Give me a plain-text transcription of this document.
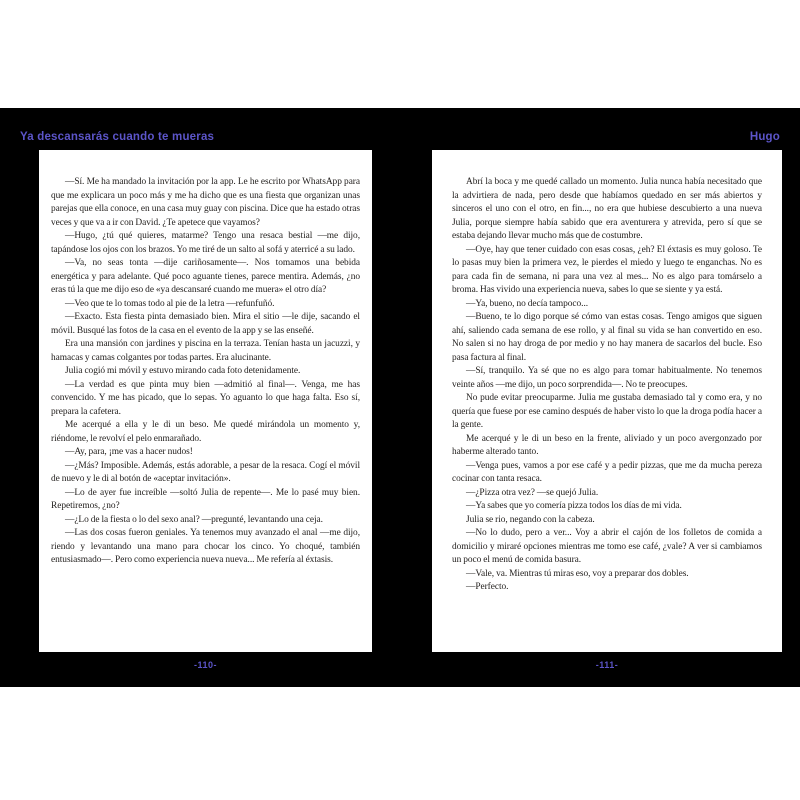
Ya descansarás cuando te mueras	Hugo

—Sí. Me ha mandado la invitación por la app. Le he escrito por WhatsApp para que me explicara un poco más y me ha dicho que es una fiesta que organizan unas parejas que ella conoce, en una casa muy guay con piscina. Dice que ha estado otras veces y que va a ir con David. ¿Te apetece que vayamos?

—Hugo, ¿tú qué quieres, matarme? Tengo una resaca bestial —me dijo, tapándose los ojos con los brazos. Yo me tiré de un salto al sofá y aterricé a su lado.

—Va, no seas tonta —dije cariñosamente—. Nos tomamos una bebida energética y para adelante. Qué poco aguante tienes, parece mentira. Además, ¿no eras tú la que me dijo eso de «ya descansaré cuando me muera» el otro día?

—Veo que te lo tomas todo al pie de la letra —refunfuñó.

—Exacto. Esta fiesta pinta demasiado bien. Mira el sitio —le dije, sacando el móvil. Busqué las fotos de la casa en el evento de la app y se las enseñé.

Era una mansión con jardines y piscina en la terraza. Tenían hasta un jacuzzi, y hamacas y camas colgantes por todas partes. Era alucinante.

Julia cogió mi móvil y estuvo mirando cada foto detenidamente.

—La verdad es que pinta muy bien —admitió al final—. Venga, me has convencido. Y me has picado, que lo sepas. Yo aguanto lo que haga falta. Eso sí, prepara la cafetera.

Me acerqué a ella y le di un beso. Me quedé mirándola un momento y, riéndome, le revolví el pelo enmarañado.

—Ay, para, ¡me vas a hacer nudos!

—¿Más? Imposible. Además, estás adorable, a pesar de la resaca. Cogí el móvil de nuevo y le di al botón de «aceptar invitación».

—Lo de ayer fue increíble —soltó Julia de repente—. Me lo pasé muy bien. Repetiremos, ¿no?

—¿Lo de la fiesta o lo del sexo anal? —pregunté, levantando una ceja.

—Las dos cosas fueron geniales. Ya tenemos muy avanzado el anal —me dijo, riendo y levantando una mano para chocar los cinco. Yo choqué, también entusiasmado—. Pero como experiencia nueva nueva... Me refería al éxtasis.

Abrí la boca y me quedé callado un momento. Julia nunca había necesitado que la advirtiera de nada, pero desde que habíamos quedado en ser más abiertos y sinceros el uno con el otro, en fin..., no era que hubiese descubierto a una nueva Julia, porque siempre había sabido que era aventurera y atrevida, pero sí que se estaba dejando llevar mucho más que de costumbre.

—Oye, hay que tener cuidado con esas cosas, ¿eh? El éxtasis es muy goloso. Te lo pasas muy bien la primera vez, le pierdes el miedo y luego te enganchas. No es para cada fin de semana, ni para una vez al mes... No es algo para tomárselo a broma. Has vivido una experiencia nueva, sabes lo que se siente y ya está.

—Ya, bueno, no decía tampoco...

—Bueno, te lo digo porque sé cómo van estas cosas. Tengo amigos que siguen ahí, saliendo cada semana de ese rollo, y al final su vida se han convertido en eso. No salen si no hay droga de por medio y no hay manera de sacarlos del bucle. Eso pasa factura al final.

—Sí, tranquilo. Ya sé que no es algo para tomar habitualmente. No tenemos veinte años —me dijo, un poco sorprendida—. No te preocupes.

No pude evitar preocuparme. Julia me gustaba demasiado tal y como era, y no quería que fuese por ese camino después de haber visto lo que la droga podía hacer a la gente.

Me acerqué y le di un beso en la frente, aliviado y un poco avergonzado por haberme alterado tanto.

—Venga pues, vamos a por ese café y a pedir pizzas, que me da mucha pereza cocinar con tanta resaca.

—¿Pizza otra vez? —se quejó Julia.

—Ya sabes que yo comería pizza todos los días de mi vida.

Julia se rio, negando con la cabeza.

—No lo dudo, pero a ver... Voy a abrir el cajón de los folletos de comida a domicilio y miraré opciones mientras me tomo ese café, ¿vale? A ver si cambiamos un poco el menú de comida basura.

—Vale, va. Mientras tú miras eso, voy a preparar dos dobles.

—Perfecto.

-110-	-111-
